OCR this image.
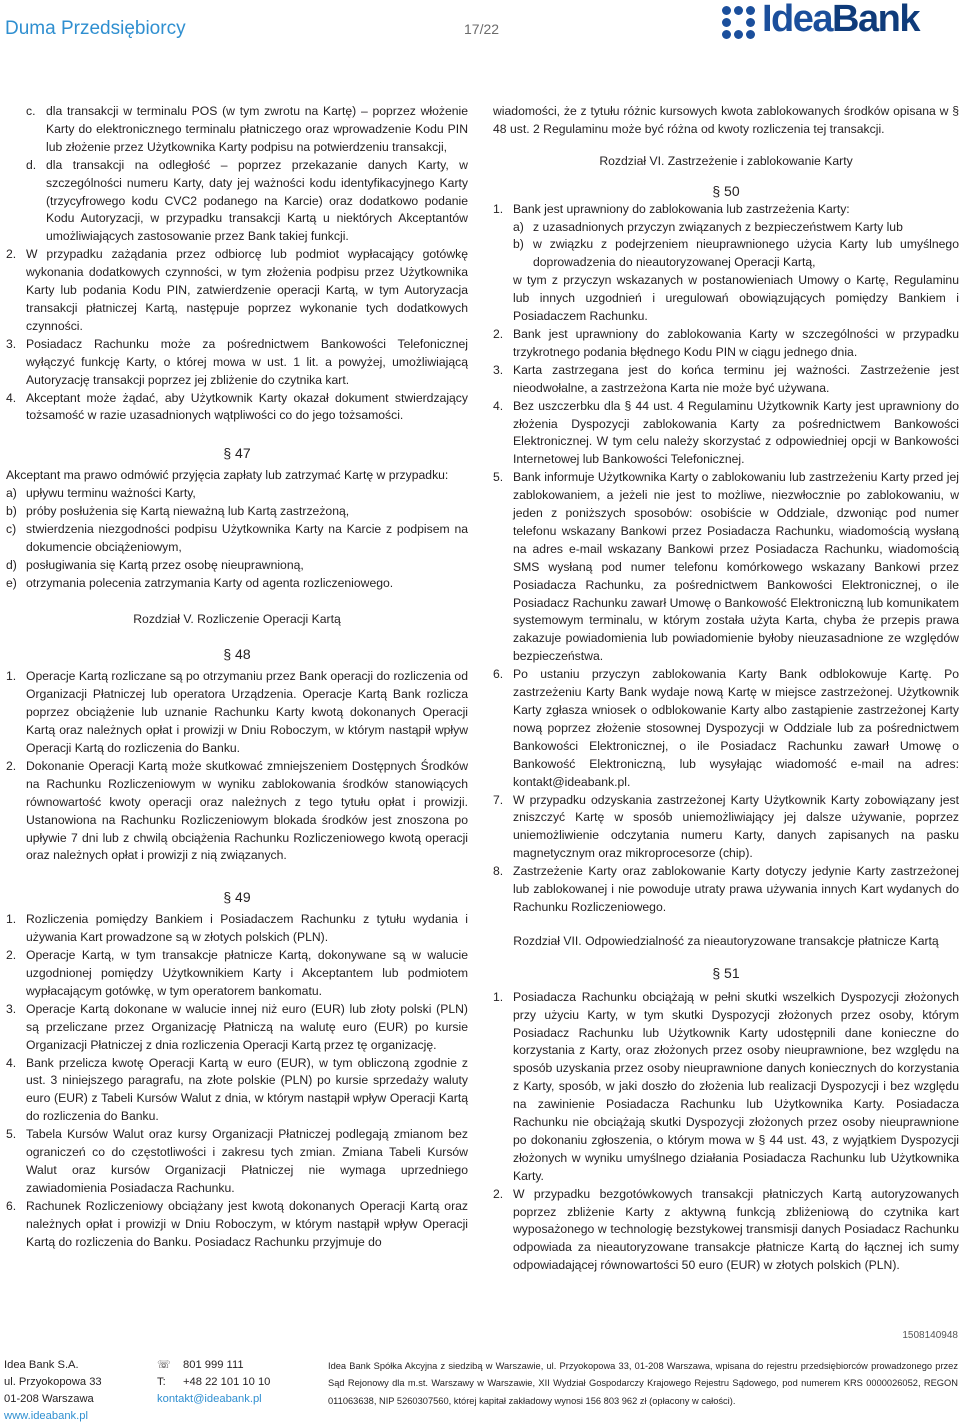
Duma Przedsiębiorcy	17/22	IdeaBank

c. dla transakcji w terminalu POS (w tym zwrotu na Kartę) – poprzez włożenie Karty do elektronicznego terminalu płatniczego oraz wprowadzenie Kodu PIN lub złożenie przez Użytkownika Karty podpisu na potwierdzeniu transakcji,

d. dla transakcji na odległość – poprzez przekazanie danych Karty, w szczególności numeru Karty, daty jej ważności kodu identyfikacyjnego Karty (trzycyfrowego kodu CVC2 podanego na Karcie) oraz dodatkowo podanie Kodu Autoryzacji, w przypadku transakcji Kartą u niektórych Akceptantów umożliwiających zastosowanie przez Bank takiej funkcji.

2. W przypadku zażądania przez odbiorcę lub podmiot wypłacający gotówkę wykonania dodatkowych czynności, w tym złożenia podpisu przez Użytkownika Karty lub podania Kodu PIN, zatwierdzenie operacji Kartą, w tym Autoryzacja transakcji płatniczej Kartą, następuje poprzez wykonanie tych dodatkowych czynności.

3. Posiadacz Rachunku może za pośrednictwem Bankowości Telefonicznej wyłączyć funkcję Karty, o której mowa w ust. 1 lit. a powyżej, umożliwiającą Autoryzację transakcji poprzez jej zbliżenie do czytnika kart.

4. Akceptant może żądać, aby Użytkownik Karty okazał dokument stwierdzający tożsamość w razie uzasadnionych wątpliwości co do jego tożsamości.

§ 47

Akceptant ma prawo odmówić przyjęcia zapłaty lub zatrzymać Kartę w przypadku:

a) upływu terminu ważności Karty,

b) próby posłużenia się Kartą nieważną lub Kartą zastrzeżoną,

c) stwierdzenia niezgodności podpisu Użytkownika Karty na Karcie z podpisem na dokumencie obciążeniowym,

d) posługiwania się Kartą przez osobę nieuprawnioną,

e) otrzymania polecenia zatrzymania Karty od agenta rozliczeniowego.

Rozdział V. Rozliczenie Operacji Kartą

§ 48

1. Operacje Kartą rozliczane są po otrzymaniu przez Bank operacji do rozliczenia od Organizacji Płatniczej lub operatora Urządzenia. Operacje Kartą Bank rozlicza poprzez obciążenie lub uznanie Rachunku Karty kwotą dokonanych Operacji Kartą oraz należnych opłat i prowizji w Dniu Roboczym, w którym nastąpił wpływ Operacji Kartą do rozliczenia do Banku.

2. Dokonanie Operacji Kartą może skutkować zmniejszeniem Dostępnych Środków na Rachunku Rozliczeniowym w wyniku zablokowania środków stanowiących równowartość kwoty operacji oraz należnych z tego tytułu opłat i prowizji. Ustanowiona na Rachunku Rozliczeniowym blokada środków jest znoszona po upływie 7 dni lub z chwilą obciążenia Rachunku Rozliczeniowego kwotą operacji oraz należnych opłat i prowizji z nią związanych.

§ 49

1. Rozliczenia pomiędzy Bankiem i Posiadaczem Rachunku z tytułu wydania i używania Kart prowadzone są w złotych polskich (PLN).

2. Operacje Kartą, w tym transakcje płatnicze Kartą, dokonywane są w walucie uzgodnionej pomiędzy Użytkownikiem Karty i Akceptantem lub podmiotem wypłacającym gotówkę, w tym operatorem bankomatu.

3. Operacje Kartą dokonane w walucie innej niż euro (EUR) lub złoty polski (PLN) są przeliczane przez Organizację Płatniczą na walutę euro (EUR) po kursie Organizacji Płatniczej z dnia rozliczenia Operacji Kartą przez tę organizację.

4. Bank przelicza kwotę Operacji Kartą w euro (EUR), w tym obliczoną zgodnie z ust. 3 niniejszego paragrafu, na złote polskie (PLN) po kursie sprzedaży waluty euro (EUR) z Tabeli Kursów Walut z dnia, w którym nastąpił wpływ Operacji Kartą do rozliczenia do Banku.

5. Tabela Kursów Walut oraz kursy Organizacji Płatniczej podlegają zmianom bez ograniczeń co do częstotliwości i zakresu tych zmian. Zmiana Tabeli Kursów Walut oraz kursów Organizacji Płatniczej nie wymaga uprzedniego zawiadomienia Posiadacza Rachunku.

6. Rachunek Rozliczeniowy obciążany jest kwotą dokonanych Operacji Kartą oraz należnych opłat i prowizji w Dniu Roboczym, w którym nastąpił wpływ Operacji Kartą do rozliczenia do Banku. Posiadacz Rachunku przyjmuje do

wiadomości, że z tytułu różnic kursowych kwota zablokowanych środków opisana w § 48 ust. 2 Regulaminu może być różna od kwoty rozliczenia tej transakcji.

Rozdział VI. Zastrzeżenie i zablokowanie Karty

§ 50

1. Bank jest uprawniony do zablokowania lub zastrzeżenia Karty:

a) z uzasadnionych przyczyn związanych z bezpieczeństwem Karty lub

b) w związku z podejrzeniem nieuprawnionego użycia Karty lub umyślnego doprowadzenia do nieautoryzowanej Operacji Kartą,

w tym z przyczyn wskazanych w postanowieniach Umowy o Kartę, Regulaminu lub innych uzgodnień i uregulowań obowiązujących pomiędzy Bankiem i Posiadaczem Rachunku.

2. Bank jest uprawniony do zablokowania Karty w szczególności w przypadku trzykrotnego podania błędnego Kodu PIN w ciągu jednego dnia.

3. Karta zastrzegana jest do końca terminu jej ważności. Zastrzeżenie jest nieodwołalne, a zastrzeżona Karta nie może być używana.

4. Bez uszczerbku dla § 44 ust. 4 Regulaminu Użytkownik Karty jest uprawniony do złożenia Dyspozycji zablokowania Karty za pośrednictwem Bankowości Elektronicznej. W tym celu należy skorzystać z odpowiedniej opcji w Bankowości Internetowej lub Bankowości Telefonicznej.

5. Bank informuje Użytkownika Karty o zablokowaniu lub zastrzeżeniu Karty przed jej zablokowaniem, a jeżeli nie jest to możliwe, niezwłocznie po zablokowaniu, w jeden z poniższych sposobów: osobiście w Oddziale, dzwoniąc pod numer telefonu wskazany Bankowi przez Posiadacza Rachunku, wiadomością wysłaną na adres e-mail wskazany Bankowi przez Posiadacza Rachunku, wiadomością SMS wysłaną pod numer telefonu komórkowego wskazany Bankowi przez Posiadacza Rachunku, za pośrednictwem Bankowości Elektronicznej, o ile Posiadacz Rachunku zawarł Umowę o Bankowość Elektroniczną lub komunikatem systemowym terminalu, w którym została użyta Karta, chyba że przepis prawa zakazuje powiadomienia lub powiadomienie byłoby nieuzasadnione ze względów bezpieczeństwa.

6. Po ustaniu przyczyn zablokowania Karty Bank odblokowuje Kartę. Po zastrzeżeniu Karty Bank wydaje nową Kartę w miejsce zastrzeżonej. Użytkownik Karty zgłasza wniosek o odblokowanie Karty albo zastąpienie zastrzeżonej Karty nową poprzez złożenie stosownej Dyspozycji w Oddziale lub za pośrednictwem Bankowości Elektronicznej, o ile Posiadacz Rachunku zawarł Umowę o Bankowość Elektroniczną, lub wysyłając wiadomość e-mail na adres: kontakt@ideabank.pl.

7. W przypadku odzyskania zastrzeżonej Karty Użytkownik Karty zobowiązany jest zniszczyć Kartę w sposób uniemożliwiający jej dalsze używanie, poprzez uniemożliwienie odczytania numeru Karty, danych zapisanych na pasku magnetycznym oraz mikroprocesorze (chip).

8. Zastrzeżenie Karty oraz zablokowanie Karty dotyczy jedynie Karty zastrzeżonej lub zablokowanej i nie powoduje utraty prawa używania innych Kart wydanych do Rachunku Rozliczeniowego.

Rozdział VII. Odpowiedzialność za nieautoryzowane transakcje płatnicze Kartą

§ 51

1. Posiadacza Rachunku obciążają w pełni skutki wszelkich Dyspozycji złożonych przy użyciu Karty, w tym skutki Dyspozycji złożonych przez osoby, którym Posiadacz Rachunku lub Użytkownik Karty udostępnili dane konieczne do korzystania z Karty, oraz złożonych przez osoby nieuprawnione, bez względu na sposób uzyskania przez osoby nieuprawnione danych koniecznych do korzystania z Karty, sposób, w jaki doszło do złożenia lub realizacji Dyspozycji i bez względu na zawinienie Posiadacza Rachunku lub Użytkownika Karty. Posiadacza Rachunku nie obciążają skutki Dyspozycji złożonych przez osoby nieuprawnione po dokonaniu zgłoszenia, o którym mowa w § 44 ust. 43, z wyjątkiem Dyspozycji złożonych w wyniku umyślnego działania Posiadacza Rachunku lub Użytkownika Karty.

2. W przypadku bezgotówkowych transakcji płatniczych Kartą autoryzowanych poprzez zbliżenie Karty z aktywną funkcją zbliżeniową do czytnika kart wyposażonego w technologię bezstykowej transmisji danych Posiadacz Rachunku odpowiada za nieautoryzowane transakcje płatnicze Kartą do łącznej ich sumy odpowiadającej równowartości 50 euro (EUR) w złotych polskich (PLN).

1508140948
Idea Bank S.A.
ul. Przyokopowa 33
01-208 Warszawa
www.ideabank.pl
☏ 801 999 111
T: +48 22 101 10 10
kontakt@ideabank.pl
Idea Bank Spółka Akcyjna z siedzibą w Warszawie, ul. Przyokopowa 33, 01-208 Warszawa, wpisana do rejestru przedsiębiorców prowadzonego przez Sąd Rejonowy dla m.st. Warszawy w Warszawie, XII Wydział Gospodarczy Krajowego Rejestru Sądowego, pod numerem KRS 0000026052, REGON 011063638, NIP 5260307560, której kapitał zakładowy wynosi 156 803 962 zł (opłacony w całości).
